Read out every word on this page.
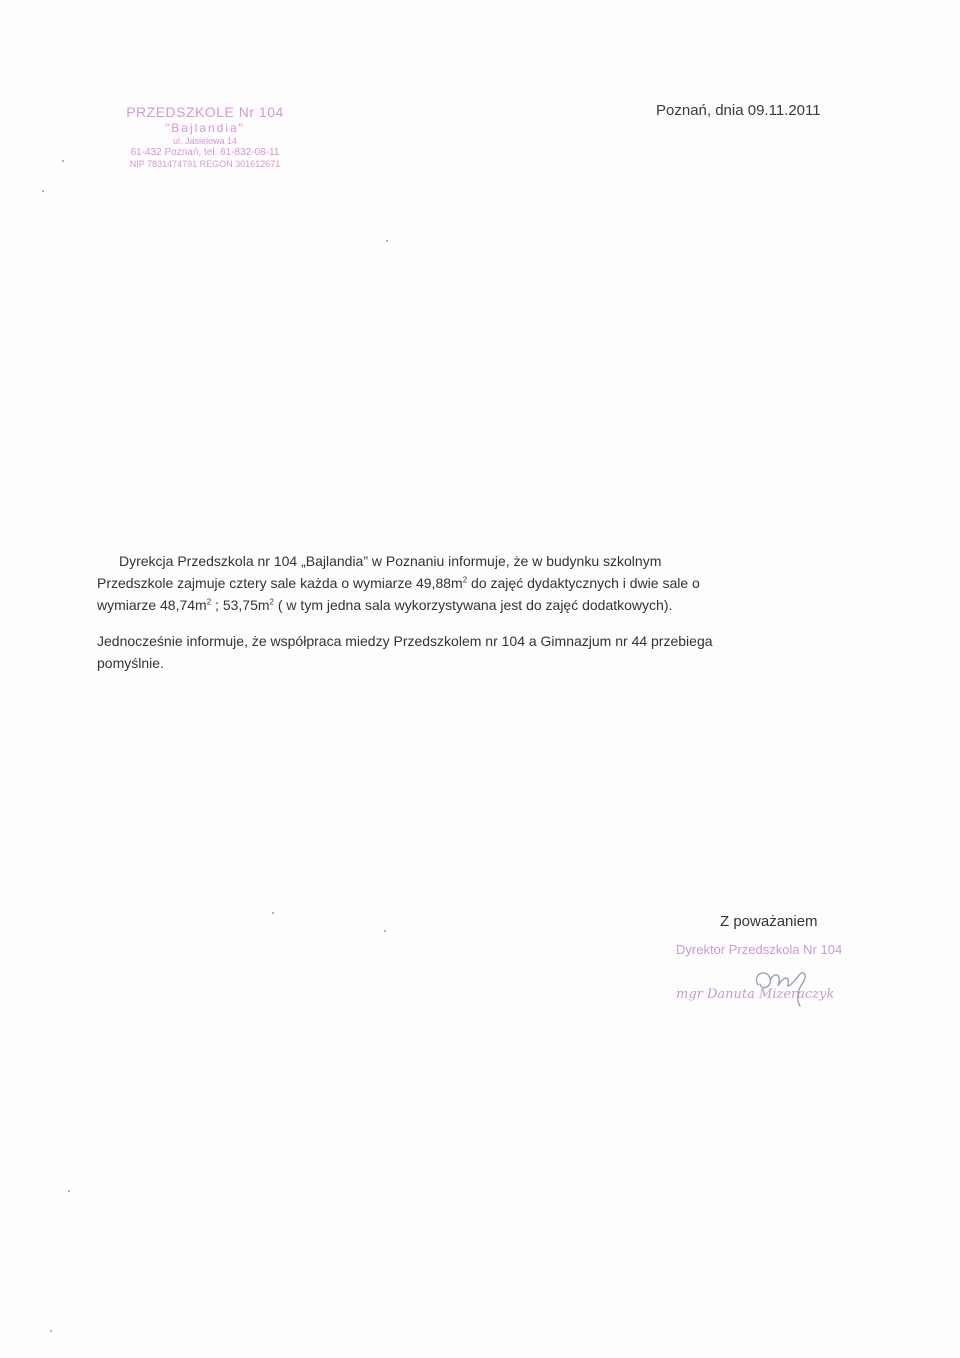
PRZEDSZKOLE Nr 104
"Bajlandia"
ul. Jasielowa 14
61-432 Poznań, tel. 61-832-08-11
NIP 7831474791 REGON 301612671
Poznań, dnia 09.11.2011

Dyrekcja Przedszkola nr 104 „Bajlandia” w Poznaniu informuje, że w budynku szkolnym
Przedszkole zajmuje cztery sale każda o wymiarze $49,88m^2$ do zajęć dydaktycznych i dwie sale o
wymiarze $48,74m^2$ ; $53,75m^2$ ( w tym jedna sala wykorzystywana jest do zajęć dodatkowych).

Jednocześnie informuje, że współpraca miedzy Przedszkolem nr 104 a Gimnazjum nr 44 przebiega
pomyślnie.

Z poważaniem
Dyrektor Przedszkola Nr 104
mgr Danuta Mizeraczyk
